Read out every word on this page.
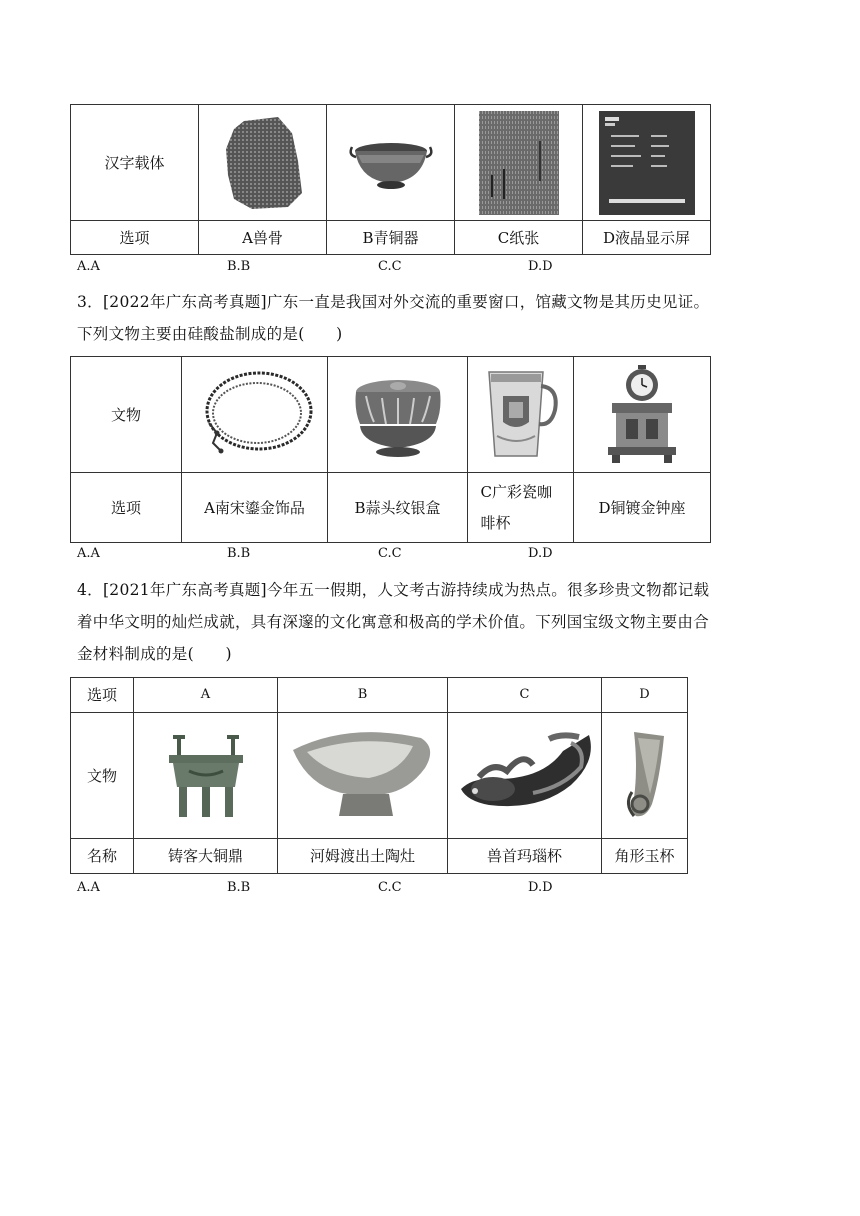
汉字载体	

选项	A兽骨	B青铜器	C纸张	D液晶显示屏
A.A	B.B	C.C	D.D
3．[2022年广东高考真题]广东一直是我国对外交流的重要窗口，馆藏文物是其历史见证。
下列文物主要由硅酸盐制成的是(　　)
文物	

选项	A南宋鎏金饰品	B蒜头纹银盒	C广彩瓷咖啡杯	D铜镀金钟座
A.A	B.B	C.C	D.D
4．[2021年广东高考真题]今年五一假期，人文考古游持续成为热点。很多珍贵文物都记载
着中华文明的灿烂成就，具有深邃的文化寓意和极高的学术价值。下列国宝级文物主要由合
金材料制成的是(　　)
选项	A	B	C	D
文物	

名称	铸客大铜鼎	河姆渡出土陶灶	兽首玛瑙杯	角形玉杯
A.A	B.B	C.C	D.D
